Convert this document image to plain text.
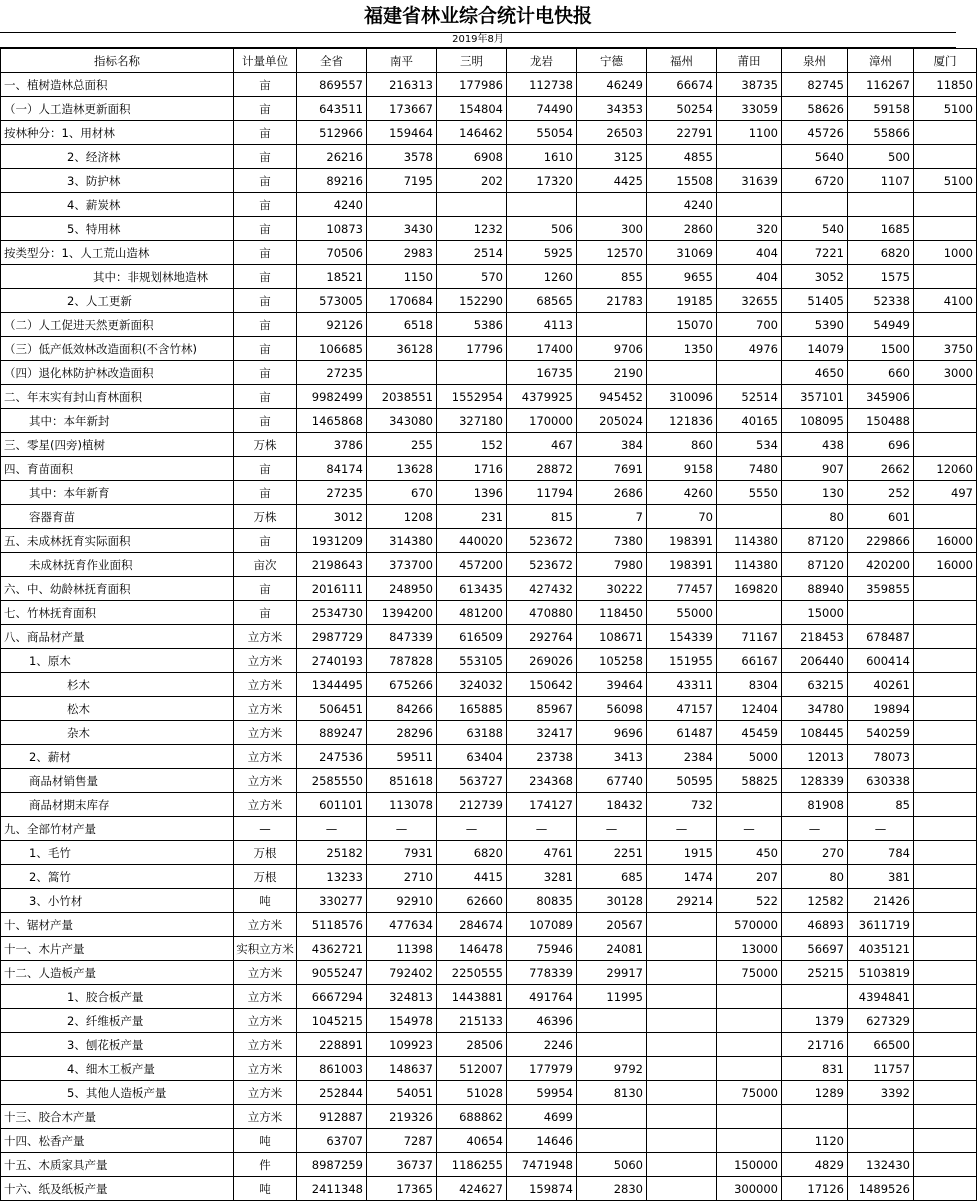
福建省林业综合统计电快报
2019年8月
指标名称	计量单位	全省	南平	三明	龙岩	宁德	福州	莆田	泉州	漳州	厦门
一、植树造林总面积	亩	869557	216313	177986	112738	46249	66674	38735	82745	116267	11850
（一）人工造林更新面积	亩	643511	173667	154804	74490	34353	50254	33059	58626	59158	5100
按林种分：1、用材林	亩	512966	159464	146462	55054	26503	22791	1100	45726	55866	
2、经济林	亩	26216	3578	6908	1610	3125	4855		5640	500	
3、防护林	亩	89216	7195	202	17320	4425	15508	31639	6720	1107	5100
4、薪炭林	亩	4240					4240				
5、特用林	亩	10873	3430	1232	506	300	2860	320	540	1685	
按类型分：1、人工荒山造林	亩	70506	2983	2514	5925	12570	31069	404	7221	6820	1000
其中：非规划林地造林	亩	18521	1150	570	1260	855	9655	404	3052	1575	
2、人工更新	亩	573005	170684	152290	68565	21783	19185	32655	51405	52338	4100
（二）人工促进天然更新面积	亩	92126	6518	5386	4113		15070	700	5390	54949	
（三）低产低效林改造面积(不含竹林)	亩	106685	36128	17796	17400	9706	1350	4976	14079	1500	3750
（四）退化林防护林改造面积	亩	27235			16735	2190			4650	660	3000
二、年末实有封山育林面积	亩	9982499	2038551	1552954	4379925	945452	310096	52514	357101	345906	
其中：本年新封	亩	1465868	343080	327180	170000	205024	121836	40165	108095	150488	
三、零星(四旁)植树	万株	3786	255	152	467	384	860	534	438	696	
四、育苗面积	亩	84174	13628	1716	28872	7691	9158	7480	907	2662	12060
其中：本年新育	亩	27235	670	1396	11794	2686	4260	5550	130	252	497
容器育苗	万株	3012	1208	231	815	7	70		80	601	
五、未成林抚育实际面积	亩	1931209	314380	440020	523672	7380	198391	114380	87120	229866	16000
未成林抚育作业面积	亩次	2198643	373700	457200	523672	7980	198391	114380	87120	420200	16000
六、中、幼龄林抚育面积	亩	2016111	248950	613435	427432	30222	77457	169820	88940	359855	
七、竹林抚育面积	亩	2534730	1394200	481200	470880	118450	55000		15000		
八、商品材产量	立方米	2987729	847339	616509	292764	108671	154339	71167	218453	678487	
1、原木	立方米	2740193	787828	553105	269026	105258	151955	66167	206440	600414	
杉木	立方米	1344495	675266	324032	150642	39464	43311	8304	63215	40261	
松木	立方米	506451	84266	165885	85967	56098	47157	12404	34780	19894	
杂木	立方米	889247	28296	63188	32417	9696	61487	45459	108445	540259	
2、薪材	立方米	247536	59511	63404	23738	3413	2384	5000	12013	78073	
商品材销售量	立方米	2585550	851618	563727	234368	67740	50595	58825	128339	630338	
商品材期末库存	立方米	601101	113078	212739	174127	18432	732		81908	85	
九、全部竹材产量	—	—	—	—	—	—	—	—	—	—	
1、毛竹	万根	25182	7931	6820	4761	2251	1915	450	270	784	
2、篙竹	万根	13233	2710	4415	3281	685	1474	207	80	381	
3、小竹材	吨	330277	92910	62660	80835	30128	29214	522	12582	21426	
十、锯材产量	立方米	5118576	477634	284674	107089	20567		570000	46893	3611719	
十一、木片产量	实积立方米	4362721	11398	146478	75946	24081		13000	56697	4035121	
十二、人造板产量	立方米	9055247	792402	2250555	778339	29917		75000	25215	5103819	
1、胶合板产量	立方米	6667294	324813	1443881	491764	11995				4394841	
2、纤维板产量	立方米	1045215	154978	215133	46396				1379	627329	
3、刨花板产量	立方米	228891	109923	28506	2246				21716	66500	
4、细木工板产量	立方米	861003	148637	512007	177979	9792			831	11757	
5、其他人造板产量	立方米	252844	54051	51028	59954	8130		75000	1289	3392	
十三、胶合木产量	立方米	912887	219326	688862	4699						
十四、松香产量	吨	63707	7287	40654	14646				1120		
十五、木质家具产量	件	8987259	36737	1186255	7471948	5060		150000	4829	132430	
十六、纸及纸板产量	吨	2411348	17365	424627	159874	2830		300000	17126	1489526	
